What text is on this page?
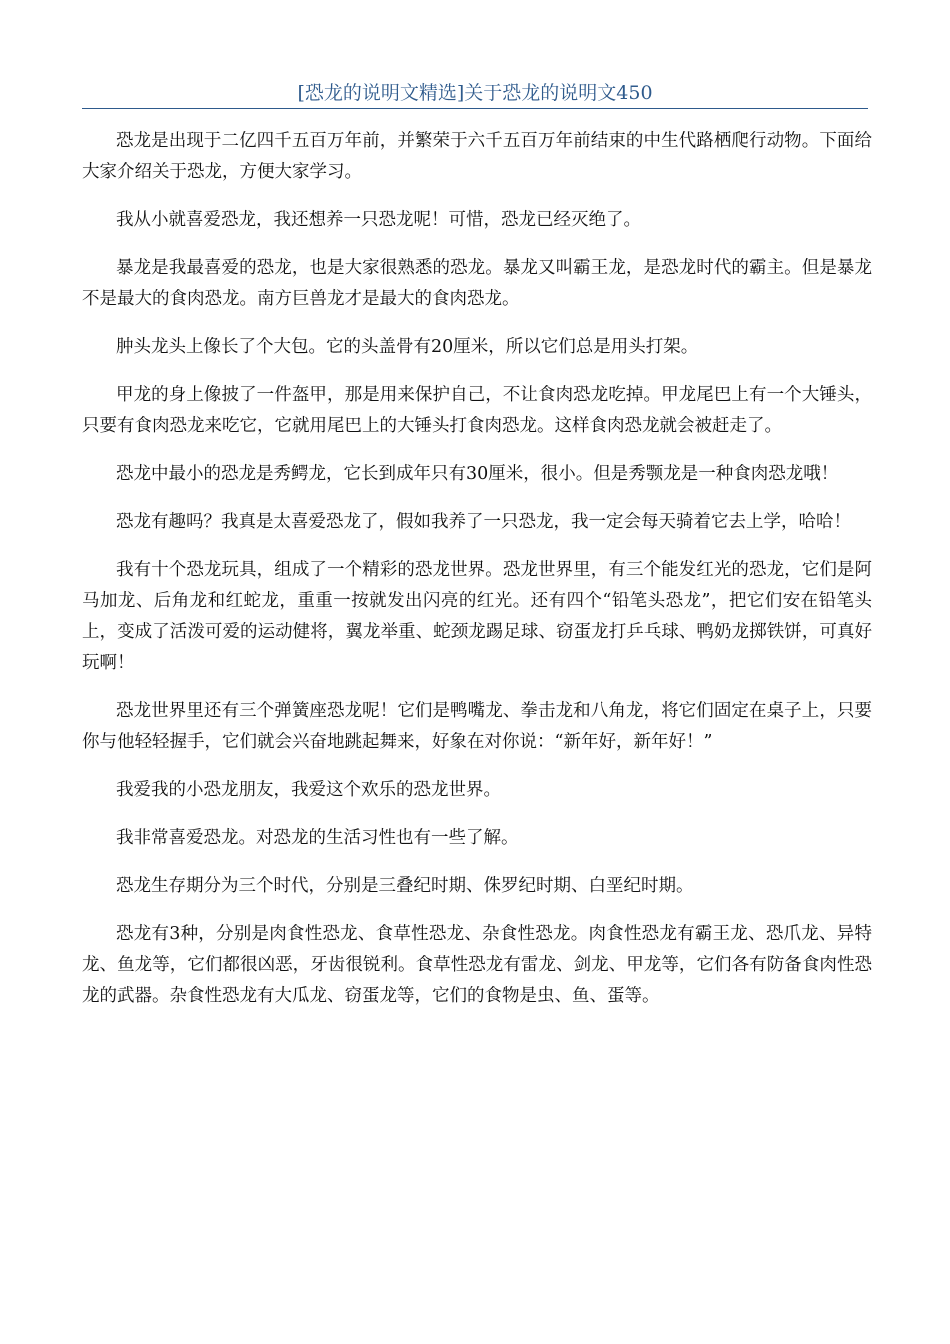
[恐龙的说明文精选]关于恐龙的说明文450

恐龙是出现于二亿四千五百万年前，并繁荣于六千五百万年前结束的中生代路栖爬行动物。下面给大家介绍关于恐龙，方便大家学习。

我从小就喜爱恐龙，我还想养一只恐龙呢！可惜，恐龙已经灭绝了。

暴龙是我最喜爱的恐龙，也是大家很熟悉的恐龙。暴龙又叫霸王龙，是恐龙时代的霸主。但是暴龙不是最大的食肉恐龙。南方巨兽龙才是最大的食肉恐龙。

肿头龙头上像长了个大包。它的头盖骨有20厘米，所以它们总是用头打架。

甲龙的身上像披了一件盔甲，那是用来保护自己，不让食肉恐龙吃掉。甲龙尾巴上有一个大锤头，只要有食肉恐龙来吃它，它就用尾巴上的大锤头打食肉恐龙。这样食肉恐龙就会被赶走了。

恐龙中最小的恐龙是秀鳄龙，它长到成年只有30厘米，很小。但是秀颚龙是一种食肉恐龙哦！

恐龙有趣吗？我真是太喜爱恐龙了，假如我养了一只恐龙，我一定会每天骑着它去上学，哈哈！

我有十个恐龙玩具，组成了一个精彩的恐龙世界。恐龙世界里，有三个能发红光的恐龙，它们是阿马加龙、后角龙和红蛇龙，重重一按就发出闪亮的红光。还有四个“铅笔头恐龙”，把它们安在铅笔头上，变成了活泼可爱的运动健将，翼龙举重、蛇颈龙踢足球、窃蛋龙打乒乓球、鸭奶龙掷铁饼，可真好玩啊！

恐龙世界里还有三个弹簧座恐龙呢！它们是鸭嘴龙、拳击龙和八角龙，将它们固定在桌子上，只要你与他轻轻握手，它们就会兴奋地跳起舞来，好象在对你说：“新年好，新年好！”

我爱我的小恐龙朋友，我爱这个欢乐的恐龙世界。

我非常喜爱恐龙。对恐龙的生活习性也有一些了解。

恐龙生存期分为三个时代，分别是三叠纪时期、侏罗纪时期、白垩纪时期。

恐龙有3种，分别是肉食性恐龙、食草性恐龙、杂食性恐龙。肉食性恐龙有霸王龙、恐爪龙、异特龙、鱼龙等，它们都很凶恶，牙齿很锐利。食草性恐龙有雷龙、剑龙、甲龙等，它们各有防备食肉性恐龙的武器。杂食性恐龙有大瓜龙、窃蛋龙等，它们的食物是虫、鱼、蛋等。
